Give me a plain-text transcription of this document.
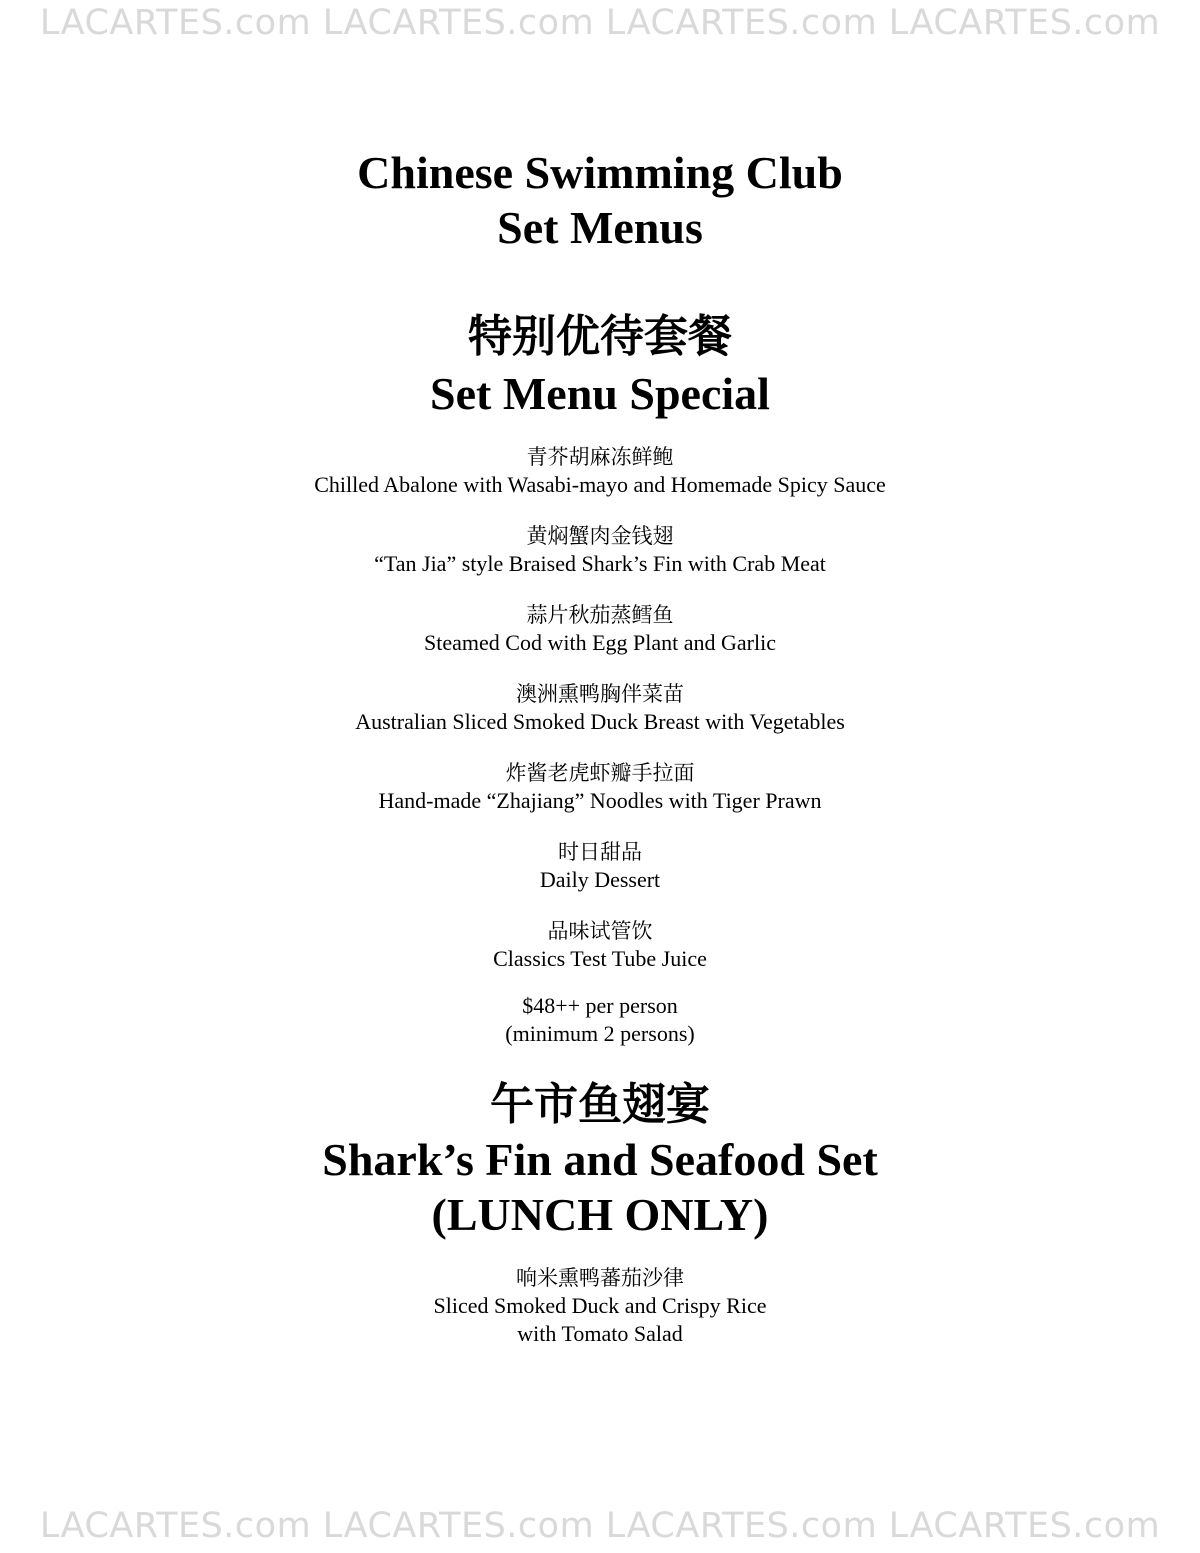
LACARTES.com LACARTES.com LACARTES.com LACARTES.com
Chinese Swimming Club
Set Menus
特别优待套餐
Set Menu Special
青芥胡麻冻鲜鲍
Chilled Abalone with Wasabi-mayo and Homemade Spicy Sauce
黄焖蟹肉金钱翅
“Tan Jia” style Braised Shark’s Fin with Crab Meat
蒜片秋茄蒸鳕鱼
Steamed Cod with Egg Plant and Garlic
澳洲熏鸭胸伴菜苗
Australian Sliced Smoked Duck Breast with Vegetables
炸酱老虎虾瓣手拉面
Hand-made “Zhajiang” Noodles with Tiger Prawn
时日甜品
Daily Dessert
品味试管饮
Classics Test Tube Juice
$48++ per person
(minimum 2 persons)
午市鱼翅宴
Shark’s Fin and Seafood Set
(LUNCH ONLY)
响米熏鸭蕃茄沙律
Sliced Smoked Duck and Crispy Rice
with Tomato Salad
LACARTES.com LACARTES.com LACARTES.com LACARTES.com
